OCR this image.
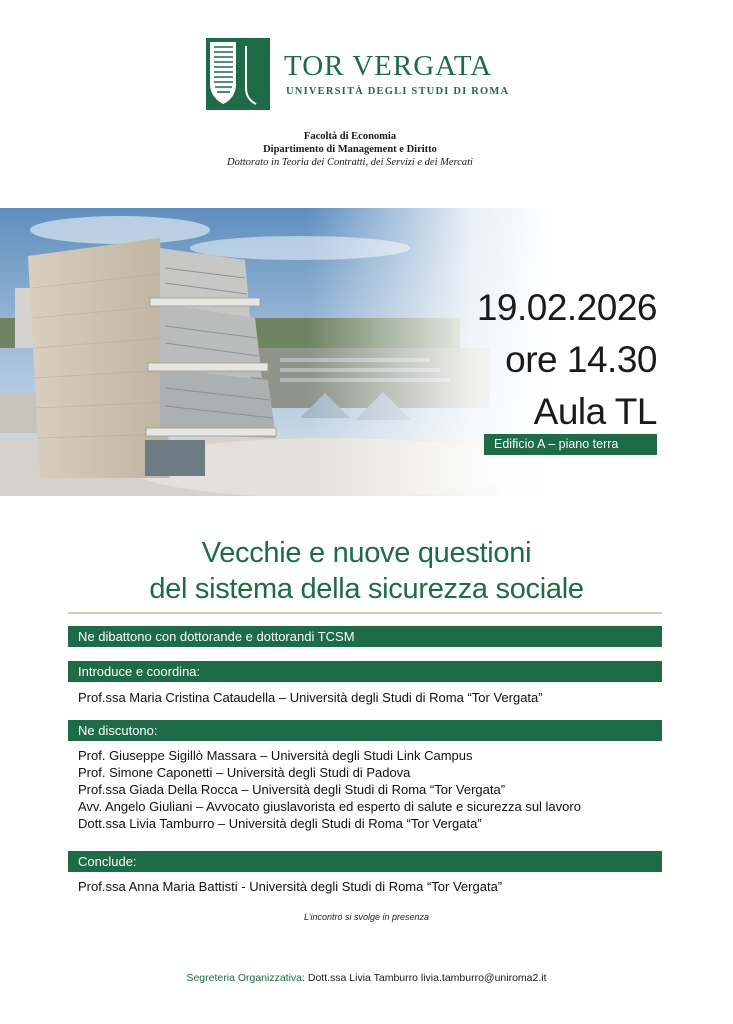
TOR VERGATA
UNIVERSITÀ DEGLI STUDI DI ROMA
Facoltà di Economia
Dipartimento di Management e Diritto
Dottorato in Teoria dei Contratti, dei Servizi e dei Mercati
19.02.2026
ore 14.30
Aula TL
Edificio A – piano terra
Vecchie e nuove questioni
del sistema della sicurezza sociale
Ne dibattono con dottorande e dottorandi TCSM
Introduce e coordina:
Prof.ssa Maria Cristina Cataudella – Università degli Studi di Roma “Tor Vergata”
Ne discutono:
Prof. Giuseppe Sigillò Massara – Università degli Studi Link Campus
Prof. Simone Caponetti – Università degli Studi di Padova
Prof.ssa Giada Della Rocca – Università degli Studi di Roma “Tor Vergata”
Avv. Angelo Giuliani – Avvocato giuslavorista ed esperto di salute e sicurezza sul lavoro
Dott.ssa Livia Tamburro – Università degli Studi di Roma “Tor Vergata”
Conclude:
Prof.ssa Anna Maria Battisti - Università degli Studi di Roma “Tor Vergata”
L’incontro si svolge in presenza
Segreteria Organizzativa: Dott.ssa Livia Tamburro livia.tamburro@uniroma2.it
